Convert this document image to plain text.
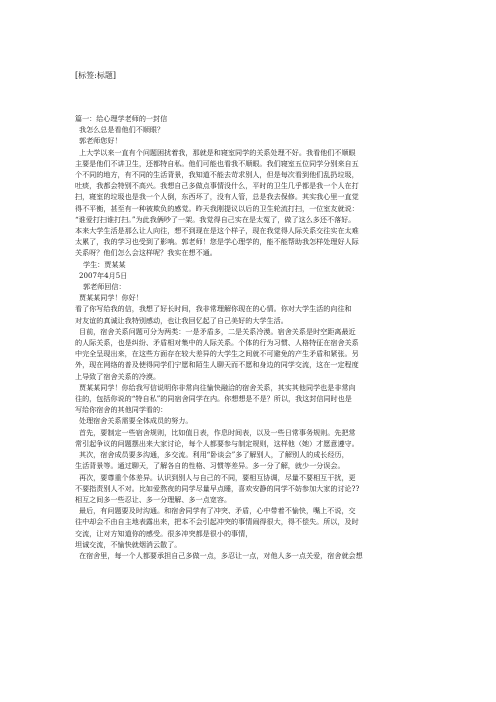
[标签:标题]
篇一：给心理学老师的一封信
我怎么总是看他们不顺眼？
郭老师您好！
上大学以来一直有个问题困扰着我，那就是和寝室同学的关系处理不好。我看他们不顺眼
主要是他们不讲卫生，还都特自私。他们可能也看我不顺眼。我们寝室五位同学分别来自五
个不同的地方，有不同的生活背景，我知道不能去苛求别人，但是每次看到他们乱扔垃圾，
吐痰，我都会特别不高兴。我想自己多做点事情没什么，平时的卫生几乎都是我一个人在打
扫，寝室的垃圾也是我一个人倒，东西坏了，没有人管，总是我去保修。其实我心里一直觉
得不平衡，甚至有一种被欺负的感觉。昨天我刚提议以后的卫生轮流打扫，一位室友就说：
“谁爱打扫谁打扫。”为此我俩吵了一架。我觉得自己实在是太冤了，做了这么多还不落好。
本来大学生活是那么让人向往，想不到现在是这个样子，现在我觉得人际关系交往实在太难
太累了，我的学习也受到了影响。郭老师！您是学心理学的，能不能帮助我怎样处理好人际
关系呀？他们怎么会这样呢？我实在想不通。
学生：贾某某
2007年4月5日
郭老师回信：
贾某某同学！你好！
看了你写给我的信，我想了好长时间，我非常理解你现在的心情。你对大学生活的向往和
对友谊的真诚让我特别感动，也让我回忆起了自己美好的大学生活。
目前，宿舍关系问题可分为两类：一是矛盾多，二是关系冷漠。宿舍关系是时空距离最近
的人际关系，也是纠纷、矛盾相对集中的人际关系。个体的行为习惯、人格特征在宿舍关系
中完全呈现出来，在这些方面存在较大差异的大学生之间就不可避免的产生矛盾和紧张。另
外，现在网络的普及使得同学们宁愿和陌生人聊天而不愿和身边的同学交流，这在一定程度
上导致了宿舍关系的冷漠。
贾某某同学！你给我写信说明你非常向往愉快融洽的宿舍关系，其实其他同学也是非常向
往的，包括你说的“特自私”的同宿舍同学在内。你想想是不是？所以，我这封信同时也是
写给你宿舍的其他同学看的：
处理宿舍关系需要全体成员的努力。
首先，要制定一些宿舍规则，比如值日表，作息时间表，以及一些日常事务规则。先把常
常引起争议的问题摆出来大家讨论，每个人都要参与制定规则，这样他（她）才愿意遵守。
其次，宿舍成员要多沟通，多交流。利用“卧谈会”多了解别人，了解别人的成长经历，
生活背景等。通过聊天，了解各自的性格、习惯等差异。多一分了解，就少一分误会。
再次，要尊重个体差异。认识到别人与自己的不同，要相互协调，尽量不要相互干扰，更
不要指责别人不对。比如爱熬夜的同学尽量早点睡，喜欢安静的同学不妨参加大家的讨论??
相互之间多一些忍让、多一分理解、多一点宽容。
最后，有问题要及时沟通。和宿舍同学有了冲突、矛盾，心中带着不愉快，嘴上不说，交
往中却会不由自主地表露出来，把本不会引起冲突的事情闹得很大，得不偿失。所以，及时
交流，让对方知道你的感受。很多冲突都是很小的事情，
坦诚交流，不愉快就烟消云散了。
在宿舍里，每一个人都要承担自己多做一点，多忍让一点，对他人多一点关爱，宿舍就会想
